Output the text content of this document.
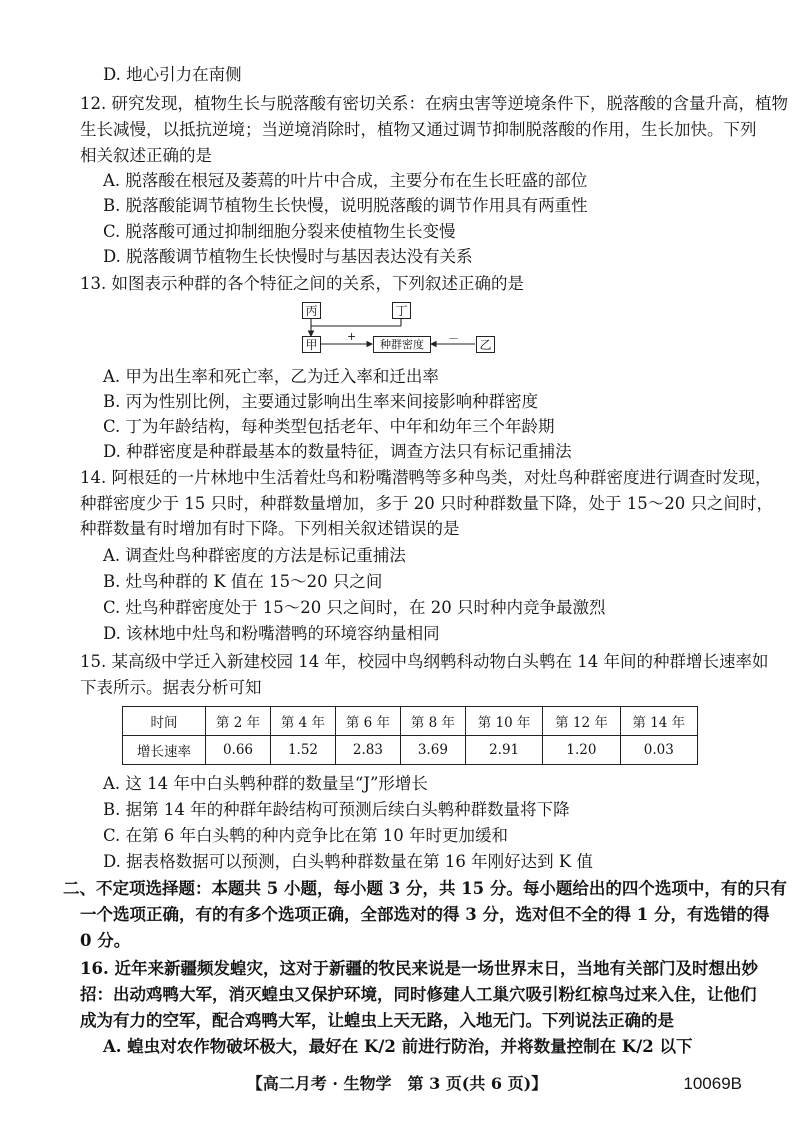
D. 地心引力在南侧
12. 研究发现，植物生长与脱落酸有密切关系：在病虫害等逆境条件下，脱落酸的含量升高，植物
生长减慢，以抵抗逆境；当逆境消除时，植物又通过调节抑制脱落酸的作用，生长加快。下列
相关叙述正确的是
A. 脱落酸在根冠及萎蔫的叶片中合成，主要分布在生长旺盛的部位
B. 脱落酸能调节植物生长快慢，说明脱落酸的调节作用具有两重性
C. 脱落酸可通过抑制细胞分裂来使植物生长变慢
D. 脱落酸调节植物生长快慢时与基因表达没有关系
13. 如图表示种群的各个特征之间的关系，下列叙述正确的是
丙	丁
甲	种群密度	乙
+	－
A. 甲为出生率和死亡率，乙为迁入率和迁出率
B. 丙为性别比例，主要通过影响出生率来间接影响种群密度
C. 丁为年龄结构，每种类型包括老年、中年和幼年三个年龄期
D. 种群密度是种群最基本的数量特征，调查方法只有标记重捕法
14. 阿根廷的一片林地中生活着灶鸟和粉嘴潜鸭等多种鸟类，对灶鸟种群密度进行调查时发现，
种群密度少于 15 只时，种群数量增加，多于 20 只时种群数量下降，处于 15～20 只之间时，
种群数量有时增加有时下降。下列相关叙述错误的是
A. 调查灶鸟种群密度的方法是标记重捕法
B. 灶鸟种群的 K 值在 15～20 只之间
C. 灶鸟种群密度处于 15～20 只之间时，在 20 只时种内竞争最激烈
D. 该林地中灶鸟和粉嘴潜鸭的环境容纳量相同
15. 某高级中学迁入新建校园 14 年，校园中鸟纲鹎科动物白头鹎在 14 年间的种群增长速率如
下表所示。据表分析可知
时间	第 2 年	第 4 年	第 6 年	第 8 年	第 10 年	第 12 年	第 14 年
增长速率	0.66	1.52	2.83	3.69	2.91	1.20	0.03
A. 这 14 年中白头鹎种群的数量呈“J”形增长
B. 据第 14 年的种群年龄结构可预测后续白头鹎种群数量将下降
C. 在第 6 年白头鹎的种内竞争比在第 10 年时更加缓和
D. 据表格数据可以预测，白头鹎种群数量在第 16 年刚好达到 K 值
二、不定项选择题：本题共 5 小题，每小题 3 分，共 15 分。每小题给出的四个选项中，有的只有
一个选项正确，有的有多个选项正确，全部选对的得 3 分，选对但不全的得 1 分，有选错的得
0 分。
16. 近年来新疆频发蝗灾，这对于新疆的牧民来说是一场世界末日，当地有关部门及时想出妙
招：出动鸡鸭大军，消灭蝗虫又保护环境，同时修建人工巢穴吸引粉红椋鸟过来入住，让他们
成为有力的空军，配合鸡鸭大军，让蝗虫上天无路，入地无门。下列说法正确的是
A. 蝗虫对农作物破坏极大，最好在 K/2 前进行防治，并将数量控制在 K/2 以下
【高二月考 · 生物学　第 3 页(共 6 页)】	10069B
